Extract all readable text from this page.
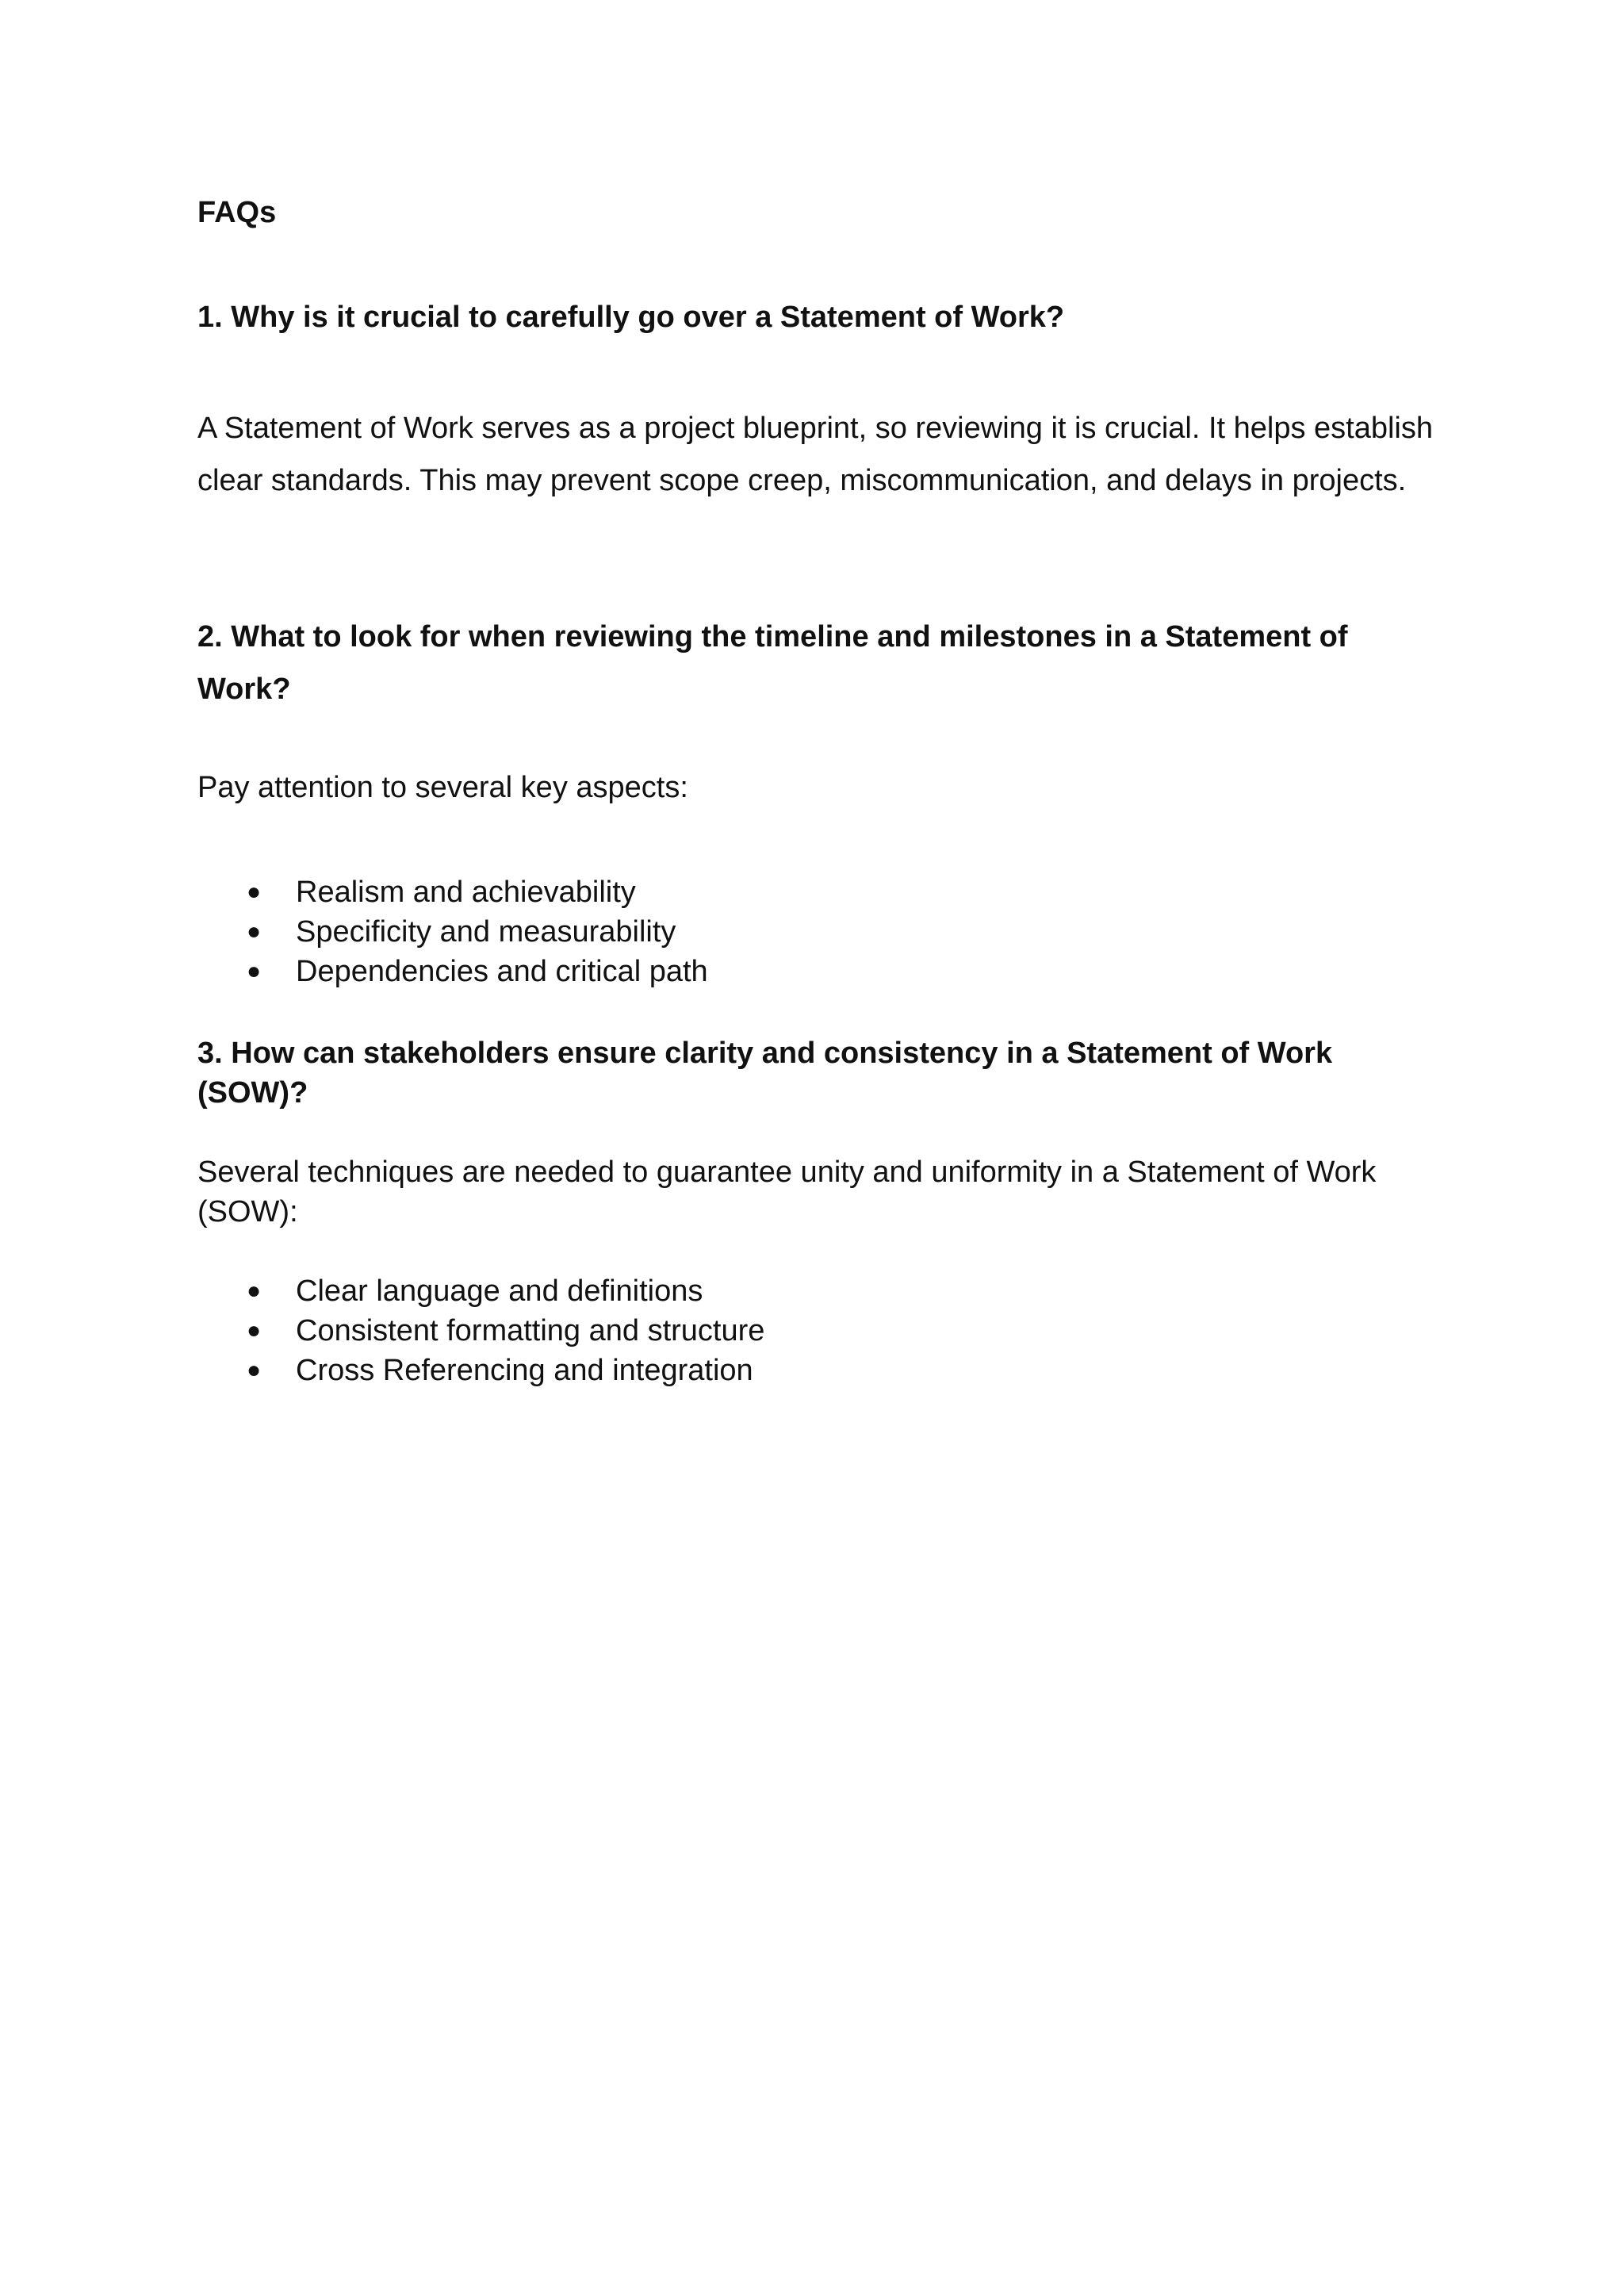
FAQs

1. Why is it crucial to carefully go over a Statement of Work?

A Statement of Work serves as a project blueprint, so reviewing it is crucial. It helps establish clear standards. This may prevent scope creep, miscommunication, and delays in projects.

2. What to look for when reviewing the timeline and milestones in a Statement of Work?

Pay attention to several key aspects:

● Realism and achievability
● Specificity and measurability
● Dependencies and critical path

3. How can stakeholders ensure clarity and consistency in a Statement of Work (SOW)?

Several techniques are needed to guarantee unity and uniformity in a Statement of Work (SOW):

● Clear language and definitions
● Consistent formatting and structure
● Cross Referencing and integration
